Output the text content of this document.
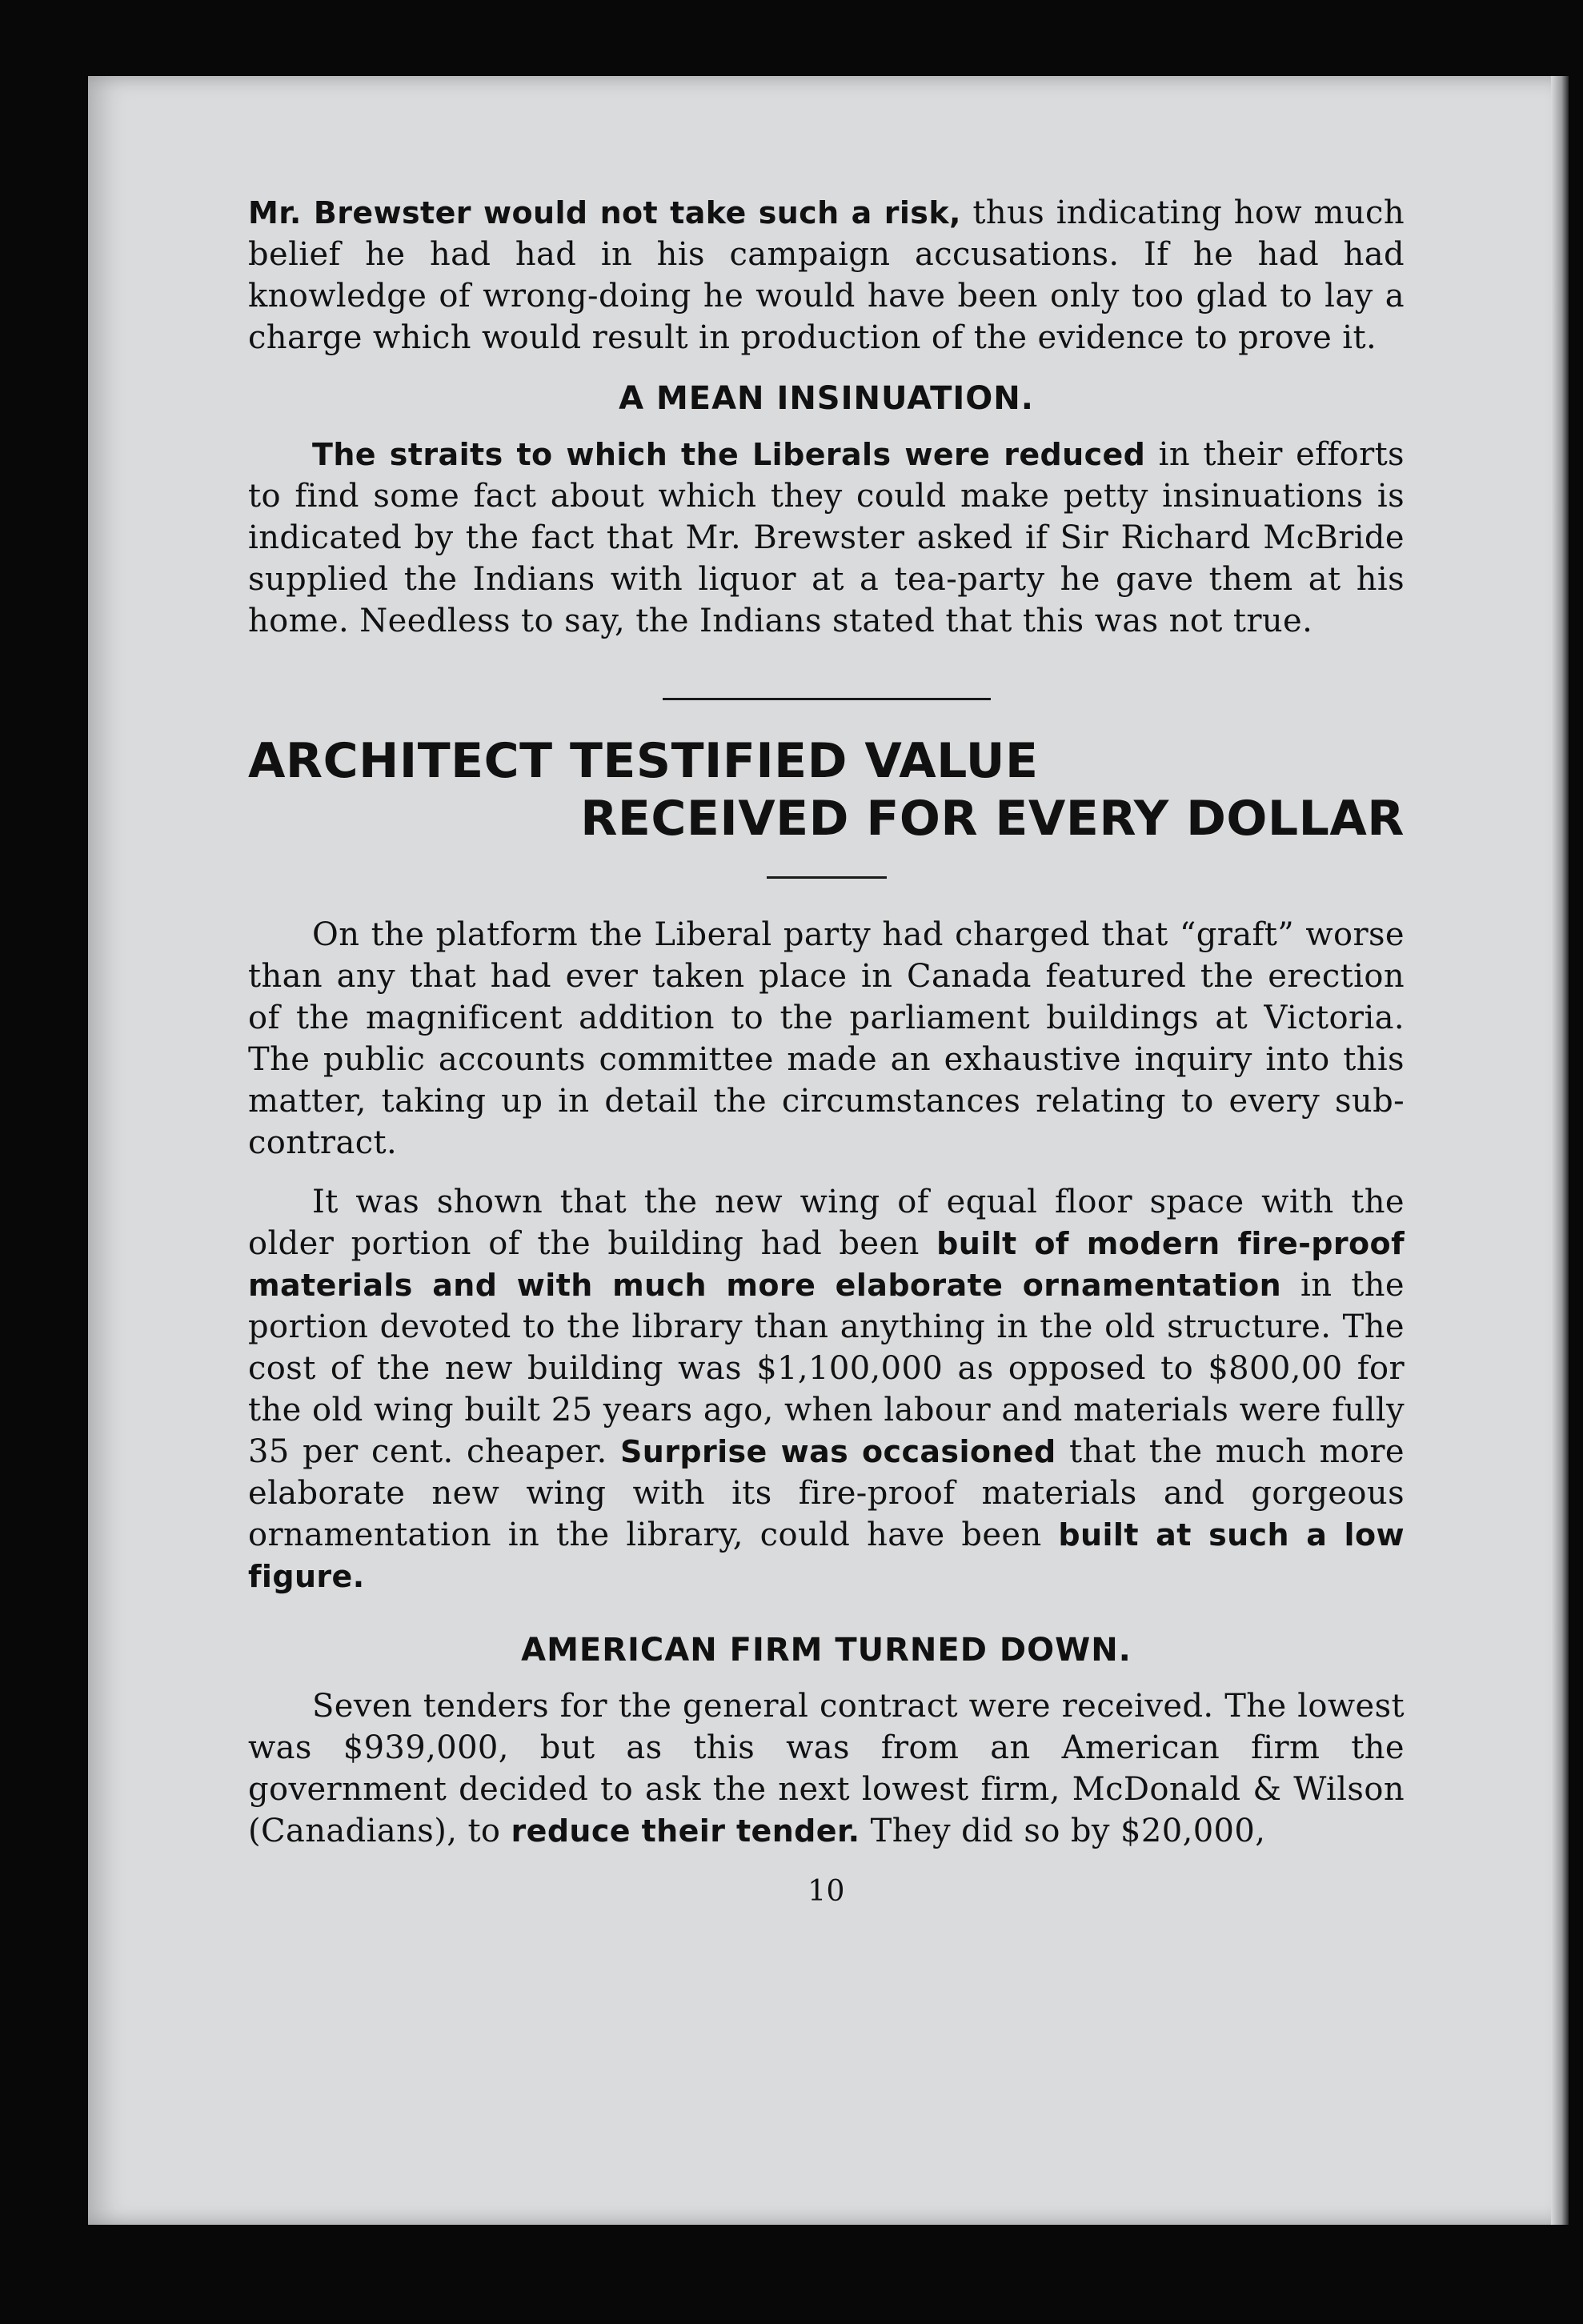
Mr. Brewster would not take such a risk, thus indicating how much belief he had had in his campaign accusations. If he had had knowledge of wrong-doing he would have been only too glad to lay a charge which would result in production of the evidence to prove it.

A MEAN INSINUATION.

The straits to which the Liberals were reduced in their efforts to find some fact about which they could make petty insinuations is indicated by the fact that Mr. Brewster asked if Sir Richard McBride supplied the Indians with liquor at a tea-party he gave them at his home. Needless to say, the Indians stated that this was not true.

ARCHITECT TESTIFIED VALUE
RECEIVED FOR EVERY DOLLAR

On the platform the Liberal party had charged that “graft” worse than any that had ever taken place in Canada featured the erection of the magnificent addition to the parliament buildings at Victoria. The public accounts committee made an exhaustive inquiry into this matter, taking up in detail the circumstances relating to every sub-contract.

It was shown that the new wing of equal floor space with the older portion of the building had been built of modern fire-proof materials and with much more elaborate ornamentation in the portion devoted to the library than anything in the old structure. The cost of the new building was $1,100,000 as opposed to $800,00 for the old wing built 25 years ago, when labour and materials were fully 35 per cent. cheaper. Surprise was occasioned that the much more elaborate new wing with its fire-proof materials and gorgeous ornamentation in the library, could have been built at such a low figure.

AMERICAN FIRM TURNED DOWN.

Seven tenders for the general contract were received. The lowest was $939,000, but as this was from an American firm the government decided to ask the next lowest firm, McDonald & Wilson (Canadians), to reduce their tender. They did so by $20,000,

10
